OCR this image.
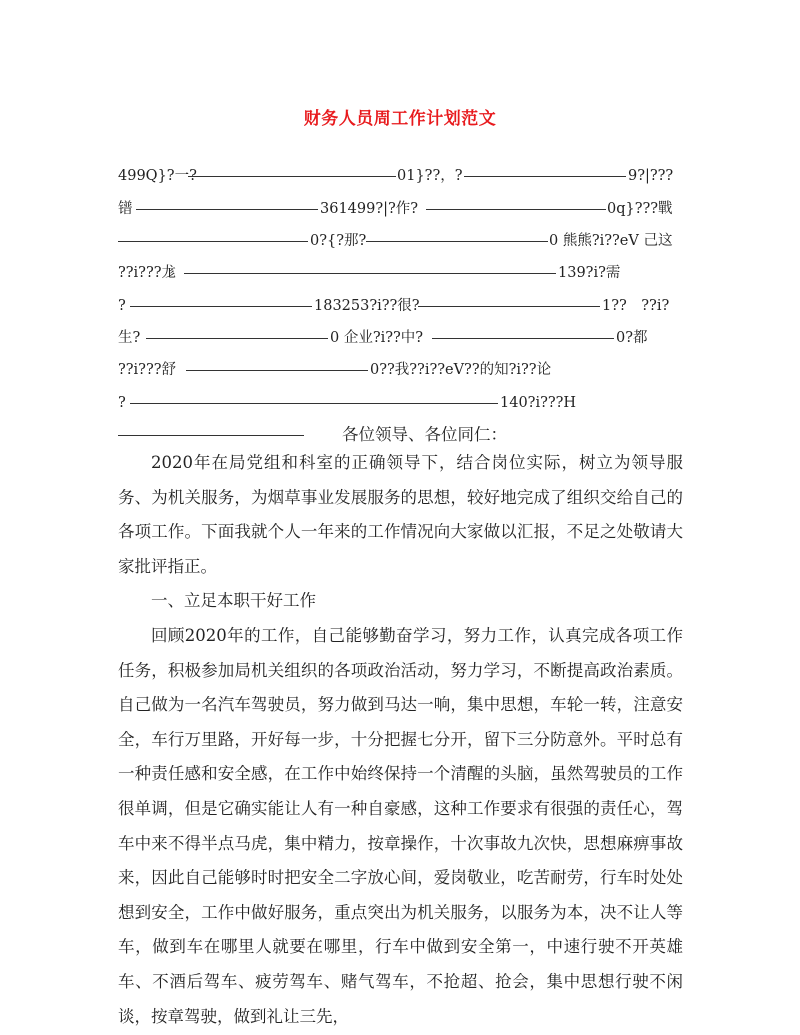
财务人员周工作计划范文
499Q}?一?	01}??，?	9?|???
镨	361499?|?作?	0q}???戰
0?{?那?	0 熊熊?i??eV 己这
??i???尨	139?i?需
?	183253?i??很?	1??　??i?
生?	0 企业?i??中?	0?都
??i???舒	0??我??i??eV??的知?i??论
?	140?i???H
各位领导、各位同仁：

2020年在局党组和科室的正确领导下，结合岗位实际，树立为领导服务、为机关服务，为烟草事业发展服务的思想，较好地完成了组织交给自己的各项工作。下面我就个人一年来的工作情况向大家做以汇报，不足之处敬请大家批评指正。

一、立足本职干好工作

回顾2020年的工作，自己能够勤奋学习，努力工作，认真完成各项工作任务，积极参加局机关组织的各项政治活动，努力学习，不断提高政治素质。自己做为一名汽车驾驶员，努力做到马达一响，集中思想，车轮一转，注意安全，车行万里路，开好每一步，十分把握七分开，留下三分防意外。平时总有一种责任感和安全感，在工作中始终保持一个清醒的头脑，虽然驾驶员的工作很单调，但是它确实能让人有一种自豪感，这种工作要求有很强的责任心，驾车中来不得半点马虎，集中精力，按章操作，十次事故九次快，思想麻痹事故来，因此自己能够时时把安全二字放心间，爱岗敬业，吃苦耐劳，行车时处处想到安全，工作中做好服务，重点突出为机关服务，以服务为本，决不让人等车，做到车在哪里人就要在哪里，行车中做到安全第一，中速行驶不开英雄车、不酒后驾车、疲劳驾车、赌气驾车，不抢超、抢会，集中思想行驶不闲谈，按章驾驶，做到礼让三先，
